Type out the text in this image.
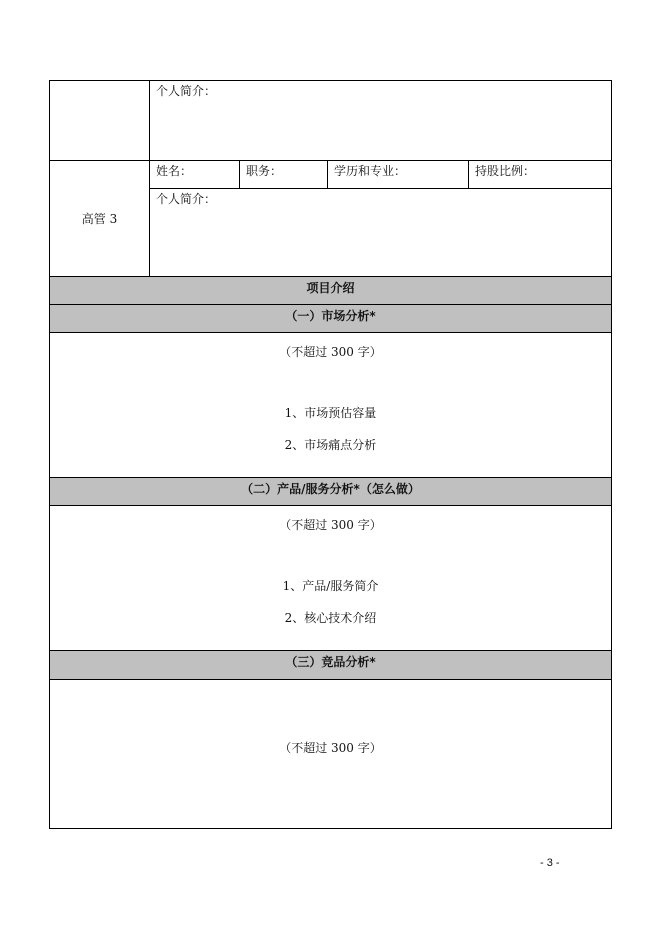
个人简介：
高管 3
姓名：	职务：	学历和专业：	持股比例：
个人简介：
项目介绍
（一）市场分析*
（不超过 300 字）
1、市场预估容量
2、市场痛点分析
（二）产品/服务分析*（怎么做）
（不超过 300 字）
1、产品/服务简介
2、核心技术介绍
（三）竞品分析*
（不超过 300 字）
- 3 -
